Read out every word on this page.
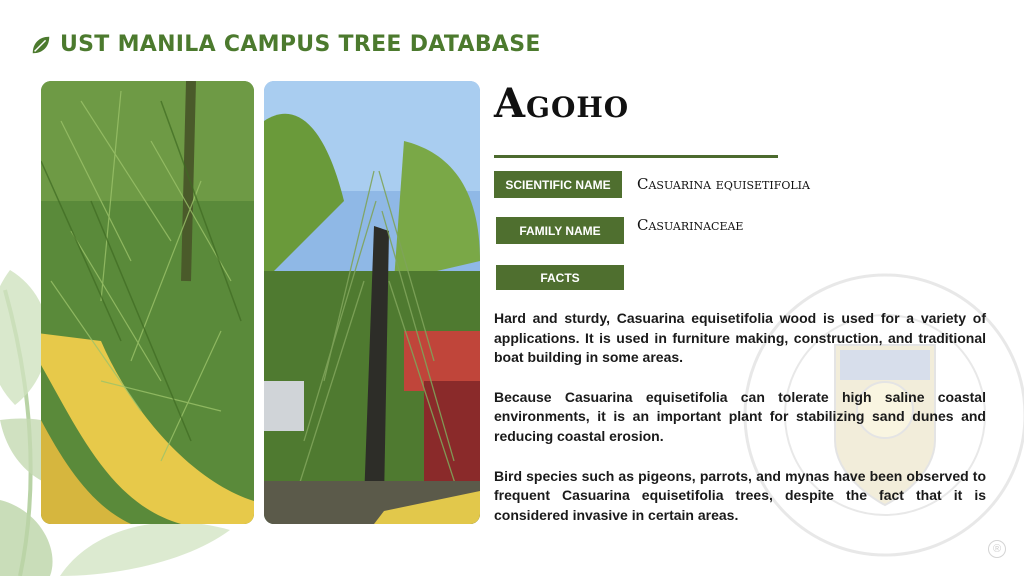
UST MANILA CAMPUS TREE DATABASE
Agoho
SCIENTIFIC NAME	Casuarina equisetifolia
FAMILY NAME	Casuarinaceae
FACTS

Hard and sturdy, Casuarina equisetifolia wood is used for a variety of applications. It is used in furniture making, construction, and traditional boat building in some areas.

Because Casuarina equisetifolia can tolerate high saline coastal environments, it is an important plant for stabilizing sand dunes and reducing coastal erosion.

Bird species such as pigeons, parrots, and mynas have been observed to frequent Casuarina equisetifolia trees, despite the fact that it is considered invasive in certain areas.

®
